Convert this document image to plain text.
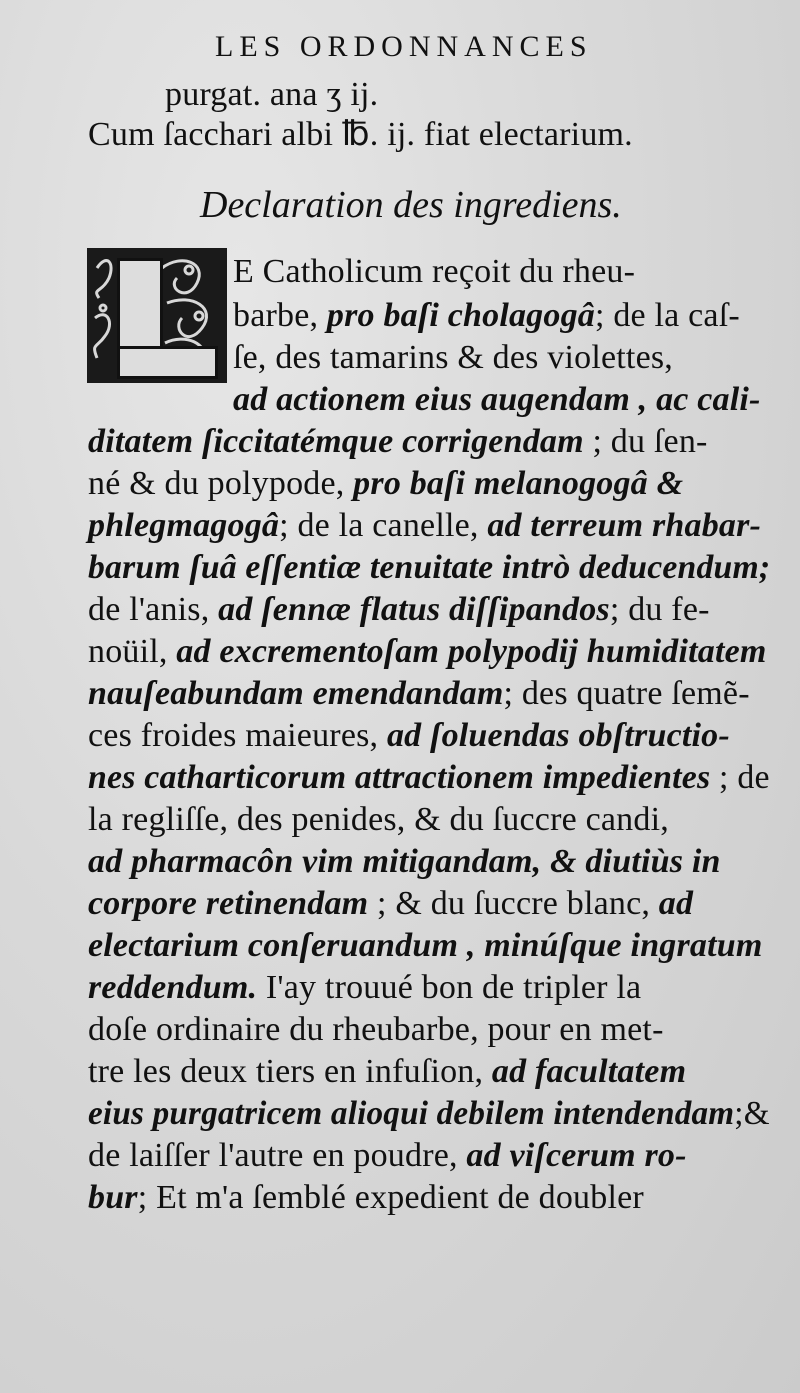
LES ORDONNANCES
purgat. ana ʒ ij.
Cum ſacchari albi ℔. ij. fiat electarium.
Declaration des ingrediens.
E Catholicum reçoit du rheu-
barbe, pro baſi cholagogâ; de la caſ-
ſe, des tamarins & des violettes,
ad actionem eius augendam , ac cali-
ditatem ſiccitatémque corrigendam ; du ſen-
né & du polypode, pro baſi melanogogâ &
phlegmagogâ; de la canelle, ad terreum rhabar-
barum ſuâ eſſentiæ tenuitate intrò deducendum;
de l'anis, ad ſennæ flatus diſſipandos; du fe-
noüil, ad excrementoſam polypodij humiditatem
nauſeabundam emendandam; des quatre ſemẽ-
ces froides maieures, ad ſoluendas obſtructio-
nes catharticorum attractionem impedientes ; de
la regliſſe, des penides, & du ſuccre candi,
ad pharmacôn vim mitigandam, & diutiùs in
corpore retinendam ; & du ſuccre blanc, ad
electarium conſeruandum , minúſque ingratum
reddendum. I'ay trouué bon de tripler la
doſe ordinaire du rheubarbe, pour en met-
tre les deux tiers en infuſion, ad facultatem
eius purgatricem alioqui debilem intendendam;&
de laiſſer l'autre en poudre, ad viſcerum ro-
bur; Et m'a ſemblé expedient de doubler
